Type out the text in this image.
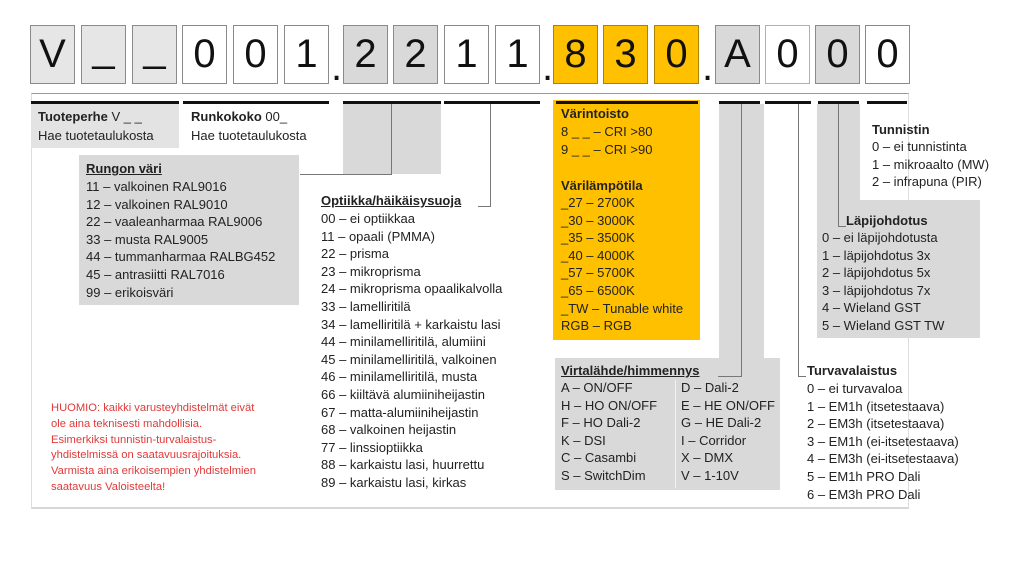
V _ _ 0 0 1 . 2 2 1 1 . 8 3 0 . A 0 0 0
Tuoteperhe V _ _
Hae tuotetaulukosta
Runkokoko 00_
Hae tuotetaulukosta
Rungon väri
11 – valkoinen RAL9016
12 – valkoinen RAL9010
22 – vaaleanharmaa RAL9006
33 – musta RAL9005
44 – tummanharmaa RALBG452
45 – antrasiitti RAL7016
99 – erikoisväri
Optiikka/häikäisysuoja
00 – ei optiikkaa
11 – opaali (PMMA)
22 – prisma
23 – mikroprisma
24 – mikroprisma opaalikalvolla
33 – lamelliritilä
34 – lamelliritilä + karkaistu lasi
44 – minilamelliritilä, alumiini
45 – minilamelliritilä, valkoinen
46 – minilamelliritilä, musta
66 – kiiltävä alumiiniheijastin
67 – matta-alumiiniheijastin
68 – valkoinen heijastin
77 – linssioptiikka
88 – karkaistu lasi, huurrettu
89 – karkaistu lasi, kirkas
Värintoisto
8 _ _ – CRI >80
9 _ _ – CRI >90
Värilämpötila
_27 – 2700K
_30 – 3000K
_35 – 3500K
_40 – 4000K
_57 – 5700K
_65 – 6500K
_TW – Tunable white
RGB – RGB
Virtalähde/himmennys
A – ON/OFF
H – HO ON/OFF
F – HO Dali-2
K – DSI
C – Casambi
S – SwitchDim
D – Dali-2
E – HE ON/OFF
G – HE Dali-2
I – Corridor
X – DMX
V – 1-10V
Turvavalaistus
0 – ei turvavaloa
1 – EM1h (itsetestaava)
2 – EM3h (itsetestaava)
3 – EM1h (ei-itsetestaava)
4 – EM3h (ei-itsetestaava)
5 – EM1h PRO Dali
6 – EM3h PRO Dali
Läpijohdotus
0 – ei läpijohdotusta
1 – läpijohdotus 3x
2 – läpijohdotus 5x
3 – läpijohdotus 7x
4 – Wieland GST
5 – Wieland GST TW
Tunnistin
0 – ei tunnistinta
1 – mikroaalto (MW)
2 – infrapuna (PIR)
HUOMIO: kaikki varusteyhdistelmät eivät
ole aina teknisesti mahdollisia.
Esimerkiksi tunnistin-turvalaistus-
yhdistelmissä on saatavuusrajoituksia.
Varmista aina erikoisempien yhdistelmien
saatavuus Valoisteelta!
